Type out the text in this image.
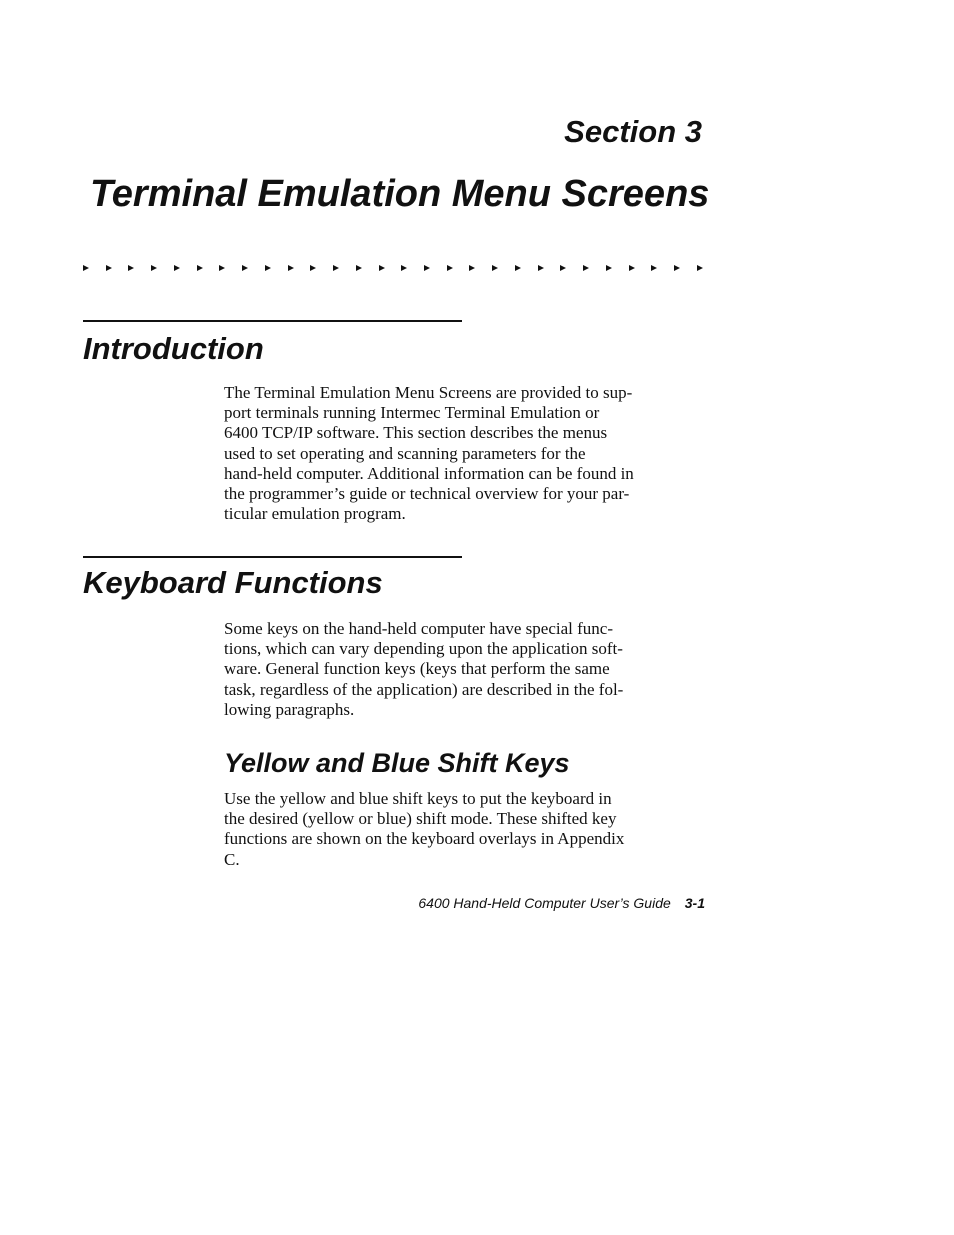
Section 3
Terminal Emulation Menu Screens
Introduction

The Terminal Emulation Menu Screens are provided to sup-
port terminals running Intermec Terminal Emulation or
6400 TCP/IP software. This section describes the menus
used to set operating and scanning parameters for the
hand-held computer. Additional information can be found in
the programmer’s guide or technical overview for your par-
ticular emulation program.

Keyboard Functions

Some keys on the hand-held computer have special func-
tions, which can vary depending upon the application soft-
ware. General function keys (keys that perform the same
task, regardless of the application) are described in the fol-
lowing paragraphs.

Yellow and Blue Shift Keys

Use the yellow and blue shift keys to put the keyboard in
the desired (yellow or blue) shift mode. These shifted key
functions are shown on the keyboard overlays in Appendix
C.

6400 Hand-Held Computer User’s Guide 3-1
